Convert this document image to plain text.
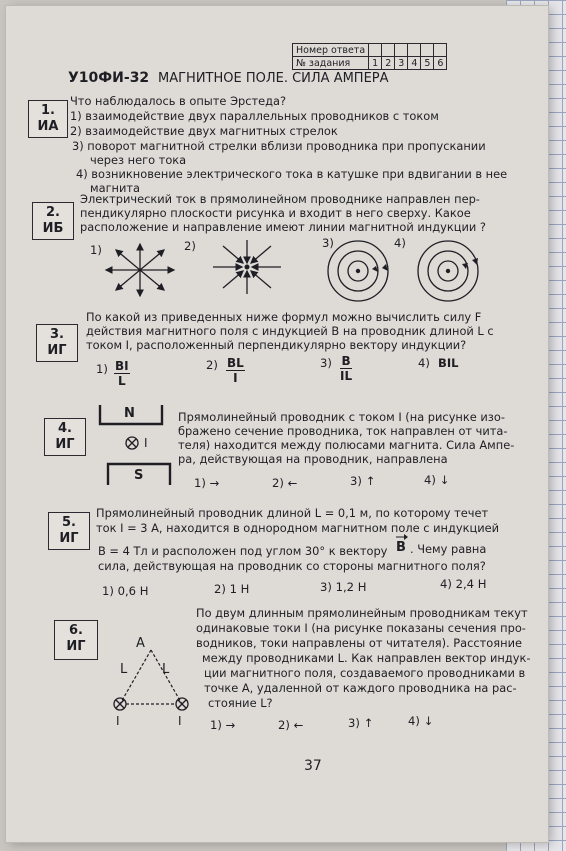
Номер ответа						
№ задания	1	2	3	4	5	6
У10ФИ-32 МАГНИТНОЕ ПОЛЕ. СИЛА АМПЕРА
1.
ИА
Что наблюдалось в опыте Эрстеда?
1) взаимодействие двух параллельных проводников с током
2) взаимодействие двух магнитных стрелок
3) поворот магнитной стрелки вблизи проводника при пропускании
через него тока
4) возникновение электрического тока в катушке при вдвигании в нее
магнита
2.
ИБ
Электрический ток в прямолинейном проводнике направлен пер-
пендикулярно плоскости рисунка и входит в него сверху. Какое
расположение и направление имеют линии магнитной индукции ?
1)	2)	3)	4)
3.
ИГ
По какой из приведенных ниже формул можно вычислить силу F
действия магнитного поля с индукцией B на проводник длиной L с
током I, расположенный перпендикулярно вектору индукции?
$1) \frac{BI}{L}$	$2) \frac{BL}{I}$	$3) \frac{B}{IL}$	4) BIL
4.
ИГ
N
I
S
Прямолинейный проводник с током I (на рисунке изо-
бражено сечение проводника, ток направлен от чита-
теля) находится между полюсами магнита. Сила Ампе-
ра, действующая на проводник, направлена
1) →	2) ←	3) ↑	4) ↓
5.
ИГ
Прямолинейный проводник длиной L = 0,1 м, по которому течет
ток I = 3 А, находится в однородном магнитном поле с индукцией
B = 4 Тл и расположен под углом 30° к вектору B . Чему равна
сила, действующая на проводник со стороны магнитного поля?
1) 0,6 Н	2) 1 Н	3) 1,2 Н	4) 2,4 Н
6.
ИГ	A
L	L
I	I
По двум длинным прямолинейным проводникам текут
одинаковые токи I (на рисунке показаны сечения про-
водников, токи направлены от читателя). Расстояние
между проводниками L. Как направлен вектор индук-
ции магнитного поля, создаваемого проводниками в
точке А, удаленной от каждого проводника на рас-
стояние L?
1) →	2) ←	3) ↑	4) ↓
37
